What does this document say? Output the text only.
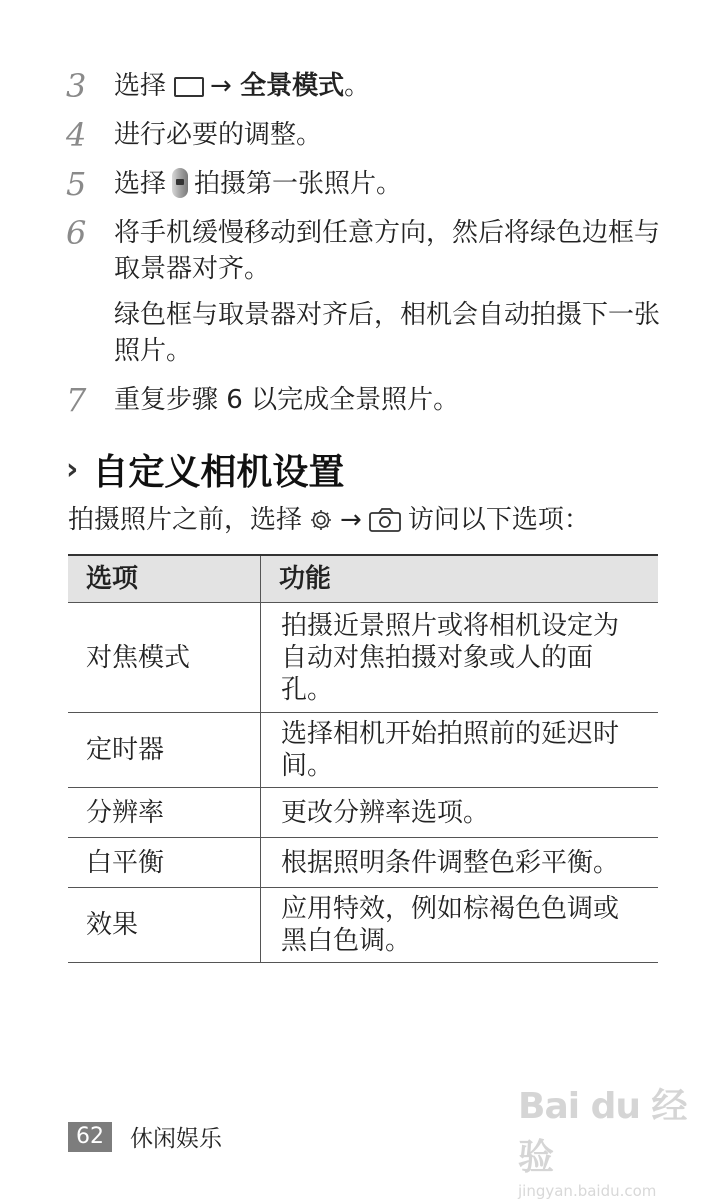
3	选择 → 全景模式。

4	进行必要的调整。

5	选择 拍摄第一张照片。

6	将手机缓慢移动到任意方向，然后将绿色边框与取景器对齐。

绿色框与取景器对齐后，相机会自动拍摄下一张照片。

7	重复步骤 6 以完成全景照片。

› 自定义相机设置
拍摄照片之前，选择 → 访问以下选项：
选项	功能
对焦模式	拍摄近景照片或将相机设定为自动对焦拍摄对象或人的面孔。
定时器	选择相机开始拍照前的延迟时间。
分辨率	更改分辨率选项。
白平衡	根据照明条件调整色彩平衡。
效果	应用特效，例如棕褐色色调或黑白色调。
62	休闲娱乐
Bai du 经验
jingyan.baidu.com
